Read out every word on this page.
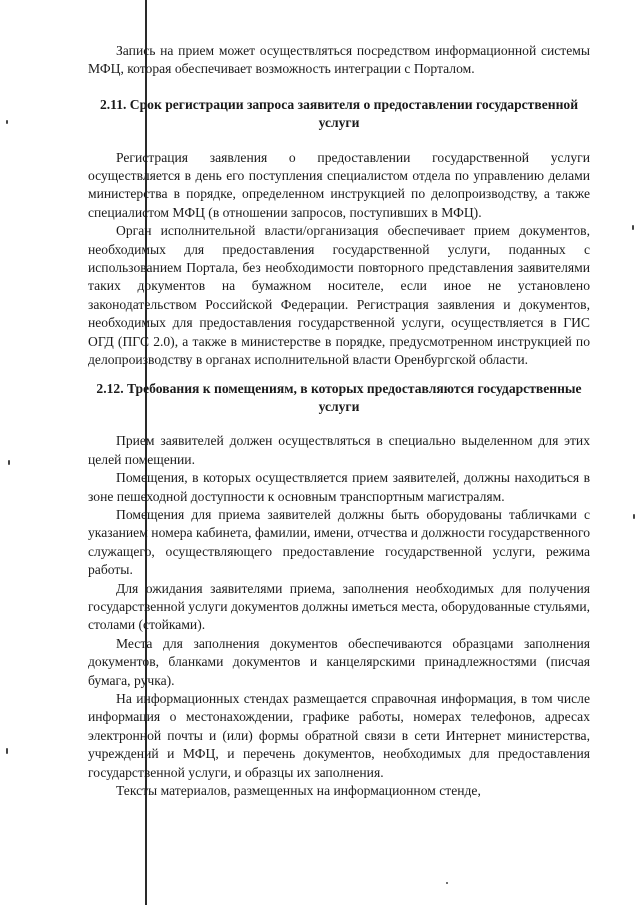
Запись на прием может осуществляться посредством информационной системы МФЦ, которая обеспечивает возможность интеграции с Порталом.

2.11. Срок регистрации запроса заявителя о предоставлении государственной услуги

Регистрация заявления о предоставлении государственной услуги осуществляется в день его поступления специалистом отдела по управлению делами министерства в порядке, определенном инструкцией по делопроизводству, а также специалистом МФЦ (в отношении запросов, поступивших в МФЦ).

Орган исполнительной власти/организация обеспечивает прием документов, необходимых для предоставления государственной услуги, поданных с использованием Портала, без необходимости повторного представления заявителями таких документов на бумажном носителе, если иное не установлено законодательством Российской Федерации. Регистрация заявления и документов, необходимых для предоставления государственной услуги, осуществляется в ГИС ОГД (ПГС 2.0), а также в министерстве в порядке, предусмотренном инструкцией по делопроизводству в органах исполнительной власти Оренбургской области.

2.12. Требования к помещениям, в которых предоставляются государственные услуги

Прием заявителей должен осуществляться в специально выделенном для этих целей помещении.

Помещения, в которых осуществляется прием заявителей, должны находиться в зоне пешеходной доступности к основным транспортным магистралям.

Помещения для приема заявителей должны быть оборудованы табличками с указанием номера кабинета, фамилии, имени, отчества и должности государственного служащего, осуществляющего предоставление государственной услуги, режима работы.

Для ожидания заявителями приема, заполнения необходимых для получения государственной услуги документов должны иметься места, оборудованные стульями, столами (стойками).

Места для заполнения документов обеспечиваются образцами заполнения документов, бланками документов и канцелярскими принадлежностями (писчая бумага, ручка).

На информационных стендах размещается справочная информация, в том числе информация о местонахождении, графике работы, номерах телефонов, адресах электронной почты и (или) формы обратной связи в сети Интернет министерства, учреждений и МФЦ, и перечень документов, необходимых для предоставления государственной услуги, и образцы их заполнения.

Тексты материалов, размещенных на информационном стенде,
